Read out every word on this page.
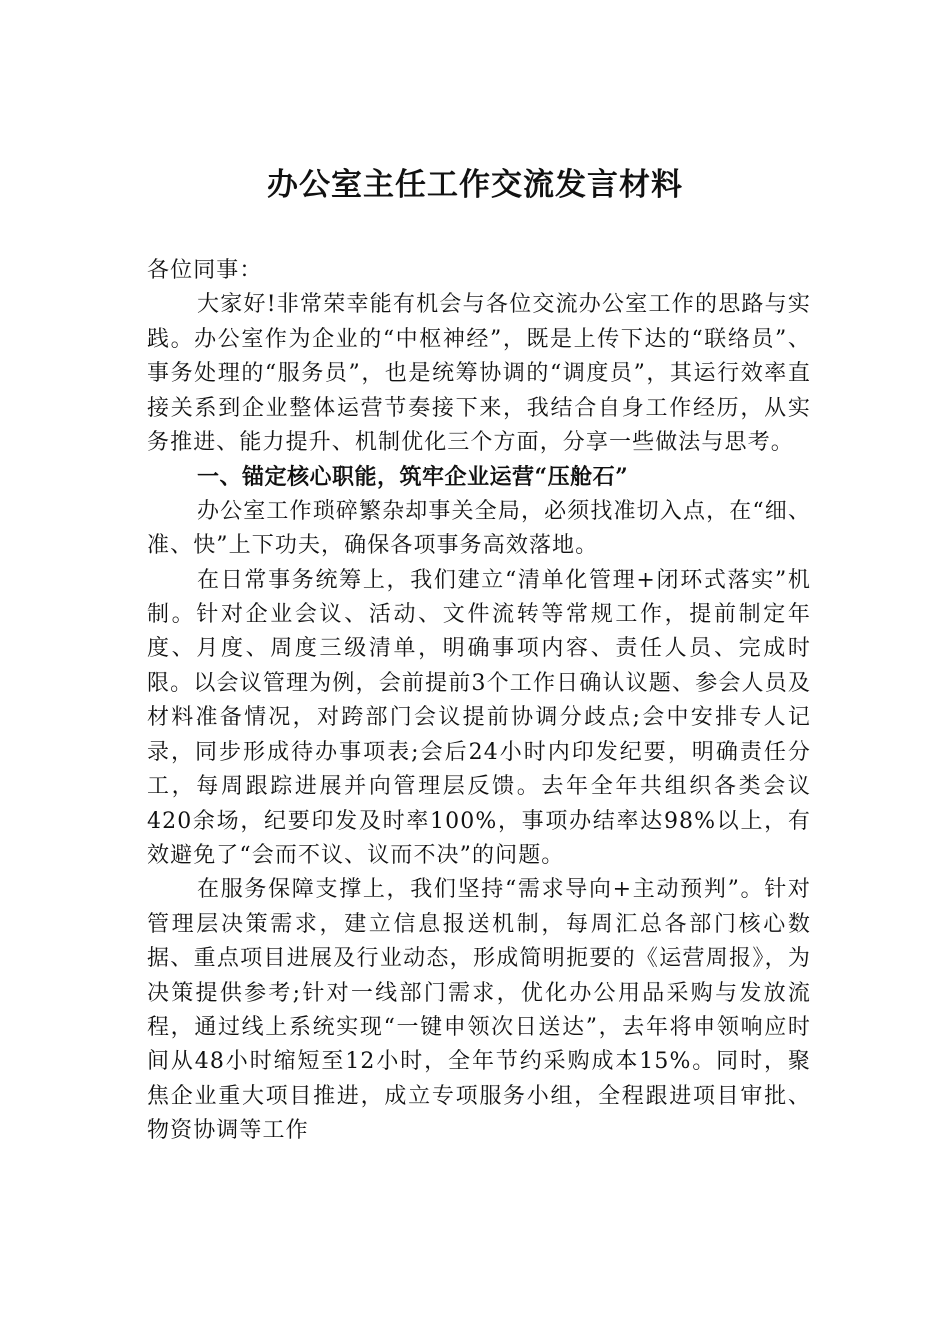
办公室主任工作交流发言材料

各位同事：

大家好!非常荣幸能有机会与各位交流办公室工作的思路与实践。办公室作为企业的“中枢神经”，既是上传下达的“联络员”、事务处理的“服务员”，也是统筹协调的“调度员”，其运行效率直接关系到企业整体运营节奏接下来，我结合自身工作经历，从实务推进、能力提升、机制优化三个方面，分享一些做法与思考。

一、锚定核心职能，筑牢企业运营“压舱石”

办公室工作琐碎繁杂却事关全局，必须找准切入点，在“细、准、快”上下功夫，确保各项事务高效落地。

在日常事务统筹上，我们建立“清单化管理+闭环式落实”机制。针对企业会议、活动、文件流转等常规工作，提前制定年度、月度、周度三级清单，明确事项内容、责任人员、完成时限。以会议管理为例，会前提前3个工作日确认议题、参会人员及材料准备情况，对跨部门会议提前协调分歧点;会中安排专人记录，同步形成待办事项表;会后24小时内印发纪要，明确责任分工，每周跟踪进展并向管理层反馈。去年全年共组织各类会议420余场，纪要印发及时率100%，事项办结率达98%以上，有效避免了“会而不议、议而不决”的问题。

在服务保障支撑上，我们坚持“需求导向+主动预判”。针对管理层决策需求，建立信息报送机制，每周汇总各部门核心数据、重点项目进展及行业动态，形成简明扼要的《运营周报》，为决策提供参考;针对一线部门需求，优化办公用品采购与发放流程，通过线上系统实现“一键申领次日送达”，去年将申领响应时间从48小时缩短至12小时，全年节约采购成本15%。同时，聚焦企业重大项目推进，成立专项服务小组，全程跟进项目审批、物资协调等工作
